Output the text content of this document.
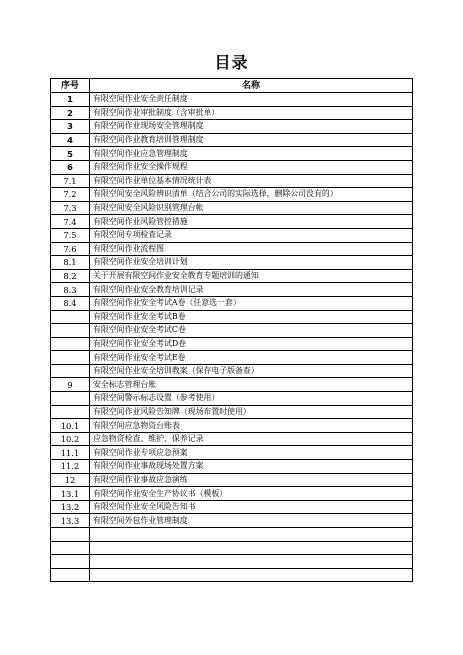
目录
序号	名称
1	有限空间作业安全责任制度
2	有限空间作业审批制度（含审批单）
3	有限空间作业现场安全管理制度
4	有限空间作业教育培训管理制度
5	有限空间作业应急管理制度
6	有限空间作业安全操作规程
7.1	有限空间作业单位基本情况统计表
7.2	有限空间安全风险辨识清单（结合公司的实际选择，删除公司没有的）
7.3	有限空间安全风险识别管理台帐
7.4	有限空间作业风险管控措施
7.5	有限空间专项检查记录
7.6	有限空间作业流程图
8.1	有限空间作业安全培训计划
8.2	关于开展有限空间作业安全教育专题培训的通知
8.3	有限空间作业安全教育培训记录
8.4	有限空间作业安全考试A卷（任意选一套）
	有限空间作业安全考试B卷
	有限空间作业安全考试C卷
	有限空间作业安全考试D卷
	有限空间作业安全考试E卷
	有限空间作业安全培训教案（保存电子版备查）
9	安全标志管理台账
	有限空间警示标志设置（参考使用）
	有限空间作业风险告知牌（现场布置时使用）
10.1	有限空间应急物资台账表
10.2	应急物资检查、维护、保养记录
11.1	有限空间作业专项应急预案
11.2	有限空间作业事故现场处置方案
12	有限空间作业事故应急演练
13.1	有限空间作业安全生产协议书（模板）
13.2	有限空间作业安全风险告知书
13.3	有限空间外包作业管理制度
